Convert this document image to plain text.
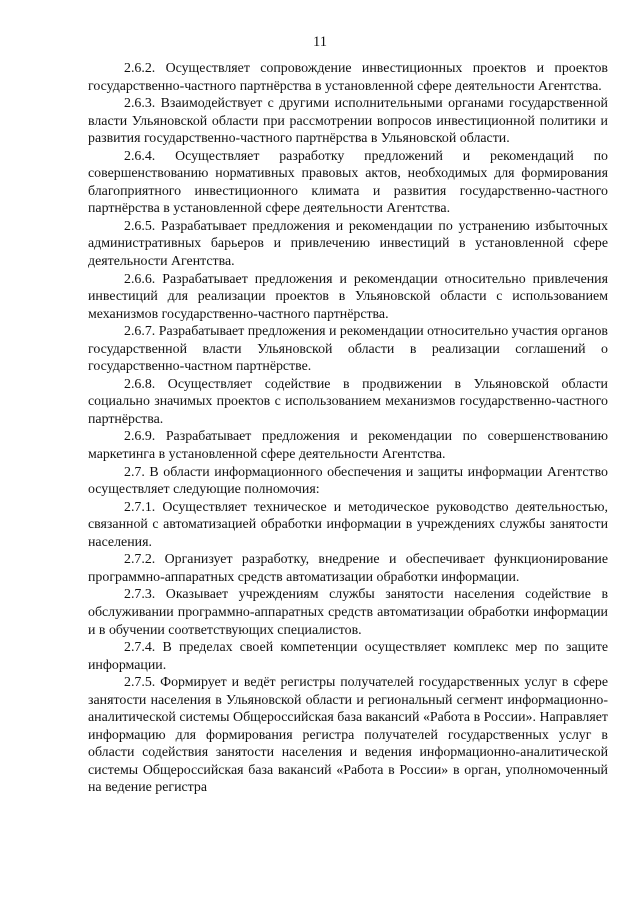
11

2.6.2. Осуществляет сопровождение инвестиционных проектов и проектов государственно-частного партнёрства в установленной сфере деятельности Агентства.

2.6.3. Взаимодействует с другими исполнительными органами государственной власти Ульяновской области при рассмотрении вопросов инвестиционной политики и развития государственно-частного партнёрства в Ульяновской области.

2.6.4. Осуществляет разработку предложений и рекомендаций по совершенствованию нормативных правовых актов, необходимых для формирования благоприятного инвестиционного климата и развития государственно-частного партнёрства в установленной сфере деятельности Агентства.

2.6.5. Разрабатывает предложения и рекомендации по устранению избыточных административных барьеров и привлечению инвестиций в установленной сфере деятельности Агентства.

2.6.6. Разрабатывает предложения и рекомендации относительно привлечения инвестиций для реализации проектов в Ульяновской области с использованием механизмов государственно-частного партнёрства.

2.6.7. Разрабатывает предложения и рекомендации относительно участия органов государственной власти Ульяновской области в реализации соглашений о государственно-частном партнёрстве.

2.6.8. Осуществляет содействие в продвижении в Ульяновской области социально значимых проектов с использованием механизмов государственно-частного партнёрства.

2.6.9. Разрабатывает предложения и рекомендации по совершенствованию маркетинга в установленной сфере деятельности Агентства.

2.7. В области информационного обеспечения и защиты информации Агентство осуществляет следующие полномочия:

2.7.1. Осуществляет техническое и методическое руководство деятельностью, связанной с автоматизацией обработки информации в учреждениях службы занятости населения.

2.7.2. Организует разработку, внедрение и обеспечивает функционирование программно-аппаратных средств автоматизации обработки информации.

2.7.3. Оказывает учреждениям службы занятости населения содействие в обслуживании программно-аппаратных средств автоматизации обработки информации и в обучении соответствующих специалистов.

2.7.4. В пределах своей компетенции осуществляет комплекс мер по защите информации.

2.7.5. Формирует и ведёт регистры получателей государственных услуг в сфере занятости населения в Ульяновской области и региональный сегмент информационно-аналитической системы Общероссийская база вакансий «Работа в России». Направляет информацию для формирования регистра получателей государственных услуг в области содействия занятости населения и ведения информационно-аналитической системы Общероссийская база вакансий «Работа в России» в орган, уполномоченный на ведение регистра
